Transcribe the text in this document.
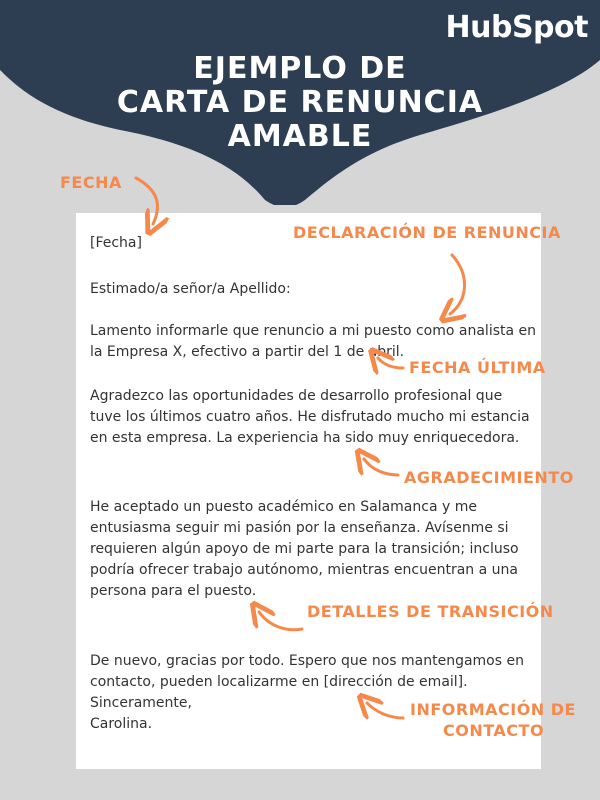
HubSpot
EJEMPLO DE
CARTA DE RENUNCIA
AMABLE
[Fecha]
Estimado/a señor/a Apellido:
Lamento informarle que renuncio a mi puesto como analista en
la Empresa X, efectivo a partir del 1 de abril.
Agradezco las oportunidades de desarrollo profesional que
tuve los últimos cuatro años. He disfrutado mucho mi estancia
en esta empresa. La experiencia ha sido muy enriquecedora.
He aceptado un puesto académico en Salamanca y me
entusiasma seguir mi pasión por la enseñanza. Avísenme si
requieren algún apoyo de mi parte para la transición; incluso
podría ofrecer trabajo autónomo, mientras encuentran a una
persona para el puesto.
De nuevo, gracias por todo. Espero que nos mantengamos en
contacto, pueden localizarme en [dirección de email].
Sinceramente,
Carolina.
FECHA
DECLARACIÓN DE RENUNCIA
FECHA ÚLTIMA
AGRADECIMIENTO
DETALLES DE TRANSICIÓN
INFORMACIÓN DE
CONTACTO
